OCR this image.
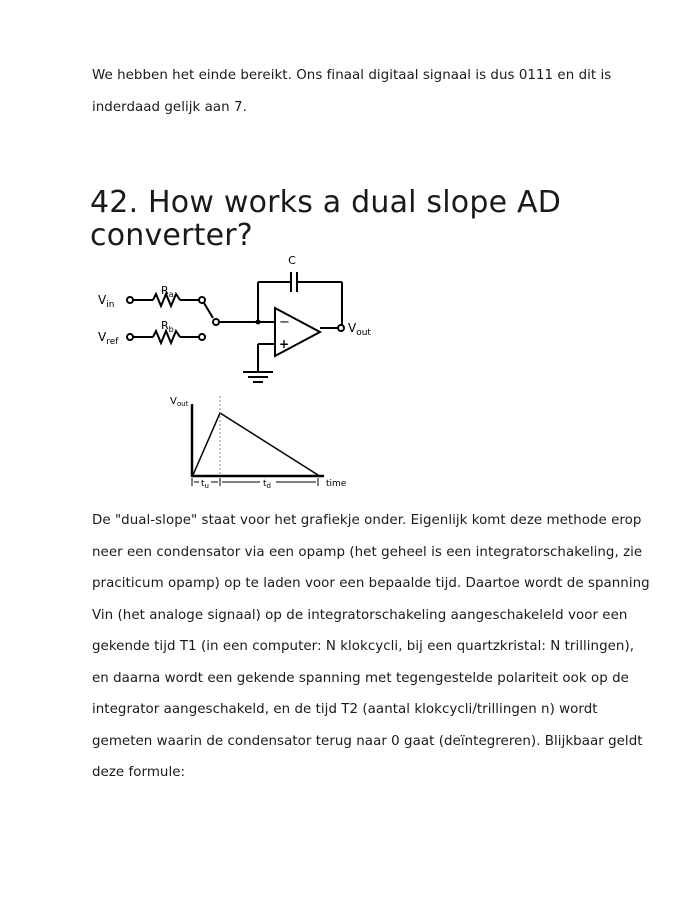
We hebben het einde bereikt. Ons finaal digitaal signaal is dus 0111 en dit is inderdaad gelijk aan 7.

42. How works a dual slope AD converter?
C
$V_{in}$
$V_{ref}$
$R_a$
$R_b$	−
+
$V_{out}$
$V_{out}$
$t_u$	$t_d$	time

De "dual-slope" staat voor het grafiekje onder. Eigenlijk komt deze methode erop neer een condensator via een opamp (het geheel is een integratorschakeling, zie praciticum opamp) op te laden voor een bepaalde tijd. Daartoe wordt de spanning Vin (het analoge signaal) op de integratorschakeling aangeschakeleld voor een gekende tijd T1 (in een computer: N klokcycli, bij een quartzkristal: N trillingen), en daarna wordt een gekende spanning met tegengestelde polariteit ook op de integrator aangeschakeld, en de tijd T2 (aantal klokcycli/trillingen n) wordt gemeten waarin de condensator terug naar 0 gaat (deïntegreren). Blijkbaar geldt deze formule:
